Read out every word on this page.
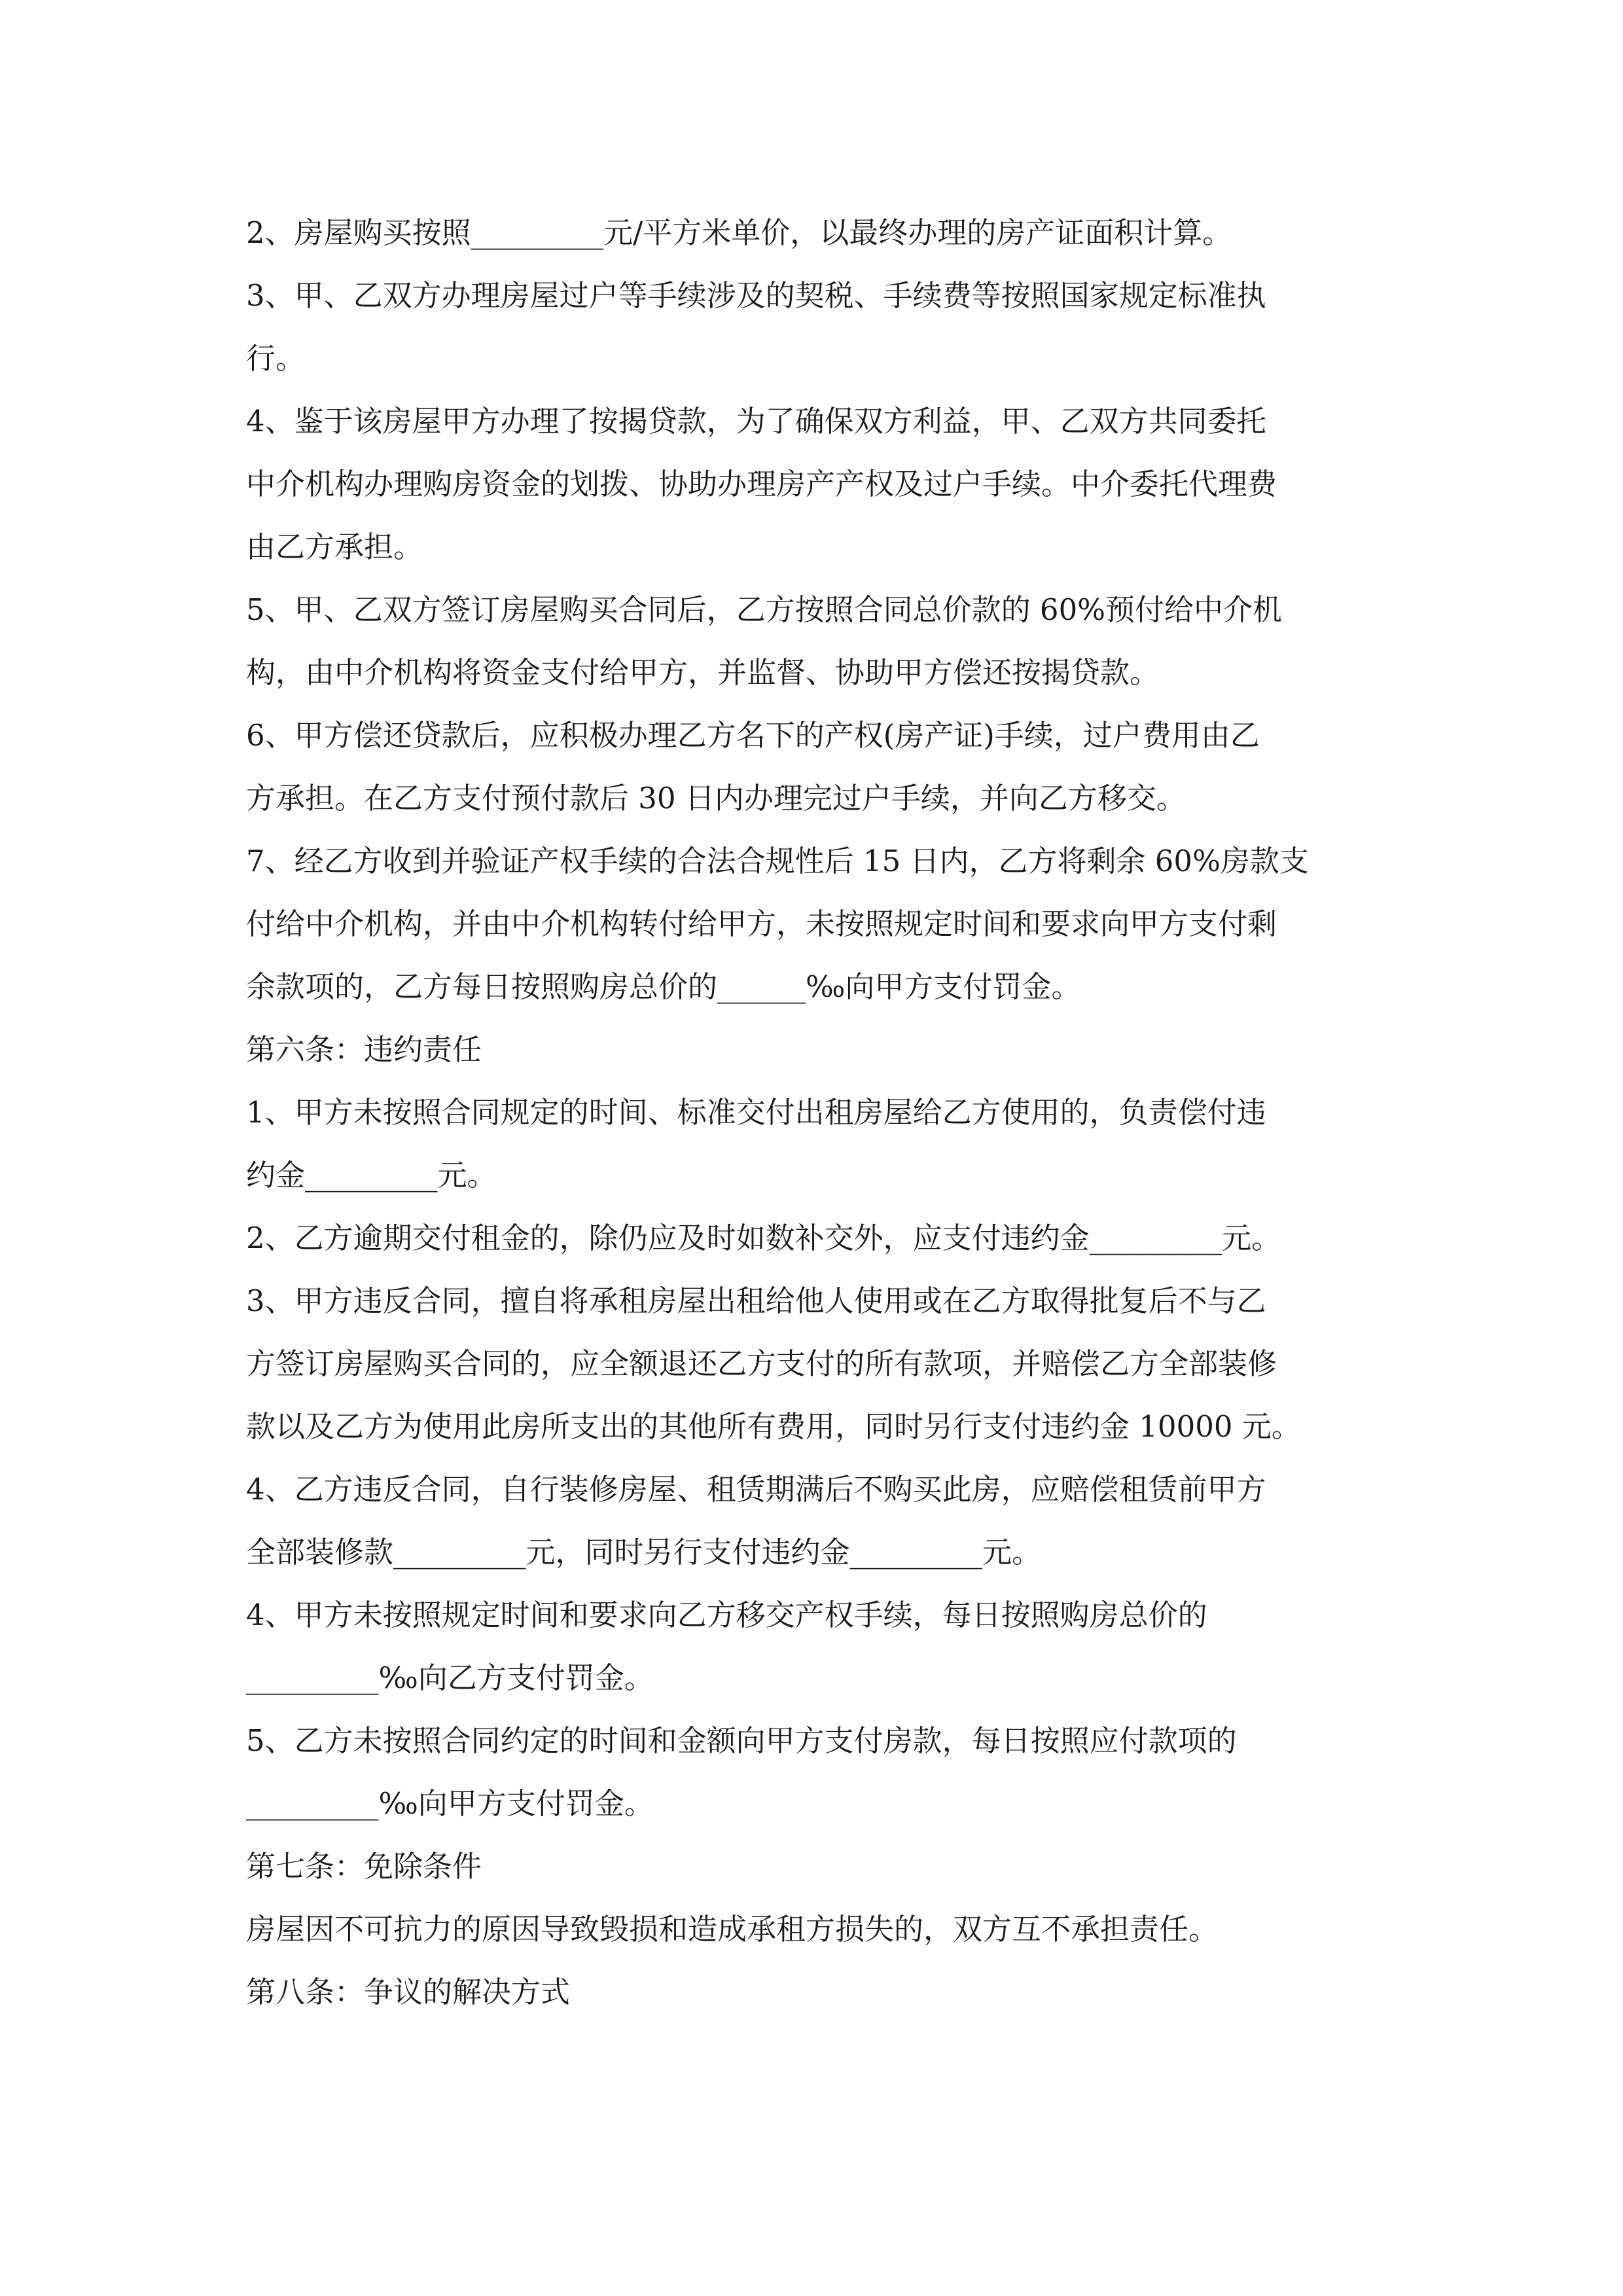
2、房屋购买按照_________元/平方米单价，以最终办理的房产证面积计算。

3、甲、乙双方办理房屋过户等手续涉及的契税、手续费等按照国家规定标准执

行。

4、鉴于该房屋甲方办理了按揭贷款，为了确保双方利益，甲、乙双方共同委托

中介机构办理购房资金的划拨、协助办理房产产权及过户手续。中介委托代理费

由乙方承担。

5、甲、乙双方签订房屋购买合同后，乙方按照合同总价款的 60%预付给中介机

构，由中介机构将资金支付给甲方，并监督、协助甲方偿还按揭贷款。

6、甲方偿还贷款后，应积极办理乙方名下的产权(房产证)手续，过户费用由乙

方承担。在乙方支付预付款后 30 日内办理完过户手续，并向乙方移交。

7、经乙方收到并验证产权手续的合法合规性后 15 日内，乙方将剩余 60%房款支

付给中介机构，并由中介机构转付给甲方，未按照规定时间和要求向甲方支付剩

余款项的，乙方每日按照购房总价的______‰向甲方支付罚金。

第六条：违约责任

1、甲方未按照合同规定的时间、标准交付出租房屋给乙方使用的，负责偿付违

约金_________元。

2、乙方逾期交付租金的，除仍应及时如数补交外，应支付违约金_________元。

3、甲方违反合同，擅自将承租房屋出租给他人使用或在乙方取得批复后不与乙

方签订房屋购买合同的，应全额退还乙方支付的所有款项，并赔偿乙方全部装修

款以及乙方为使用此房所支出的其他所有费用，同时另行支付违约金 10000 元。

4、乙方违反合同，自行装修房屋、租赁期满后不购买此房，应赔偿租赁前甲方

全部装修款_________元，同时另行支付违约金_________元。

4、甲方未按照规定时间和要求向乙方移交产权手续，每日按照购房总价的

_________‰向乙方支付罚金。

5、乙方未按照合同约定的时间和金额向甲方支付房款，每日按照应付款项的

_________‰向甲方支付罚金。

第七条：免除条件

房屋因不可抗力的原因导致毁损和造成承租方损失的，双方互不承担责任。

第八条：争议的解决方式
